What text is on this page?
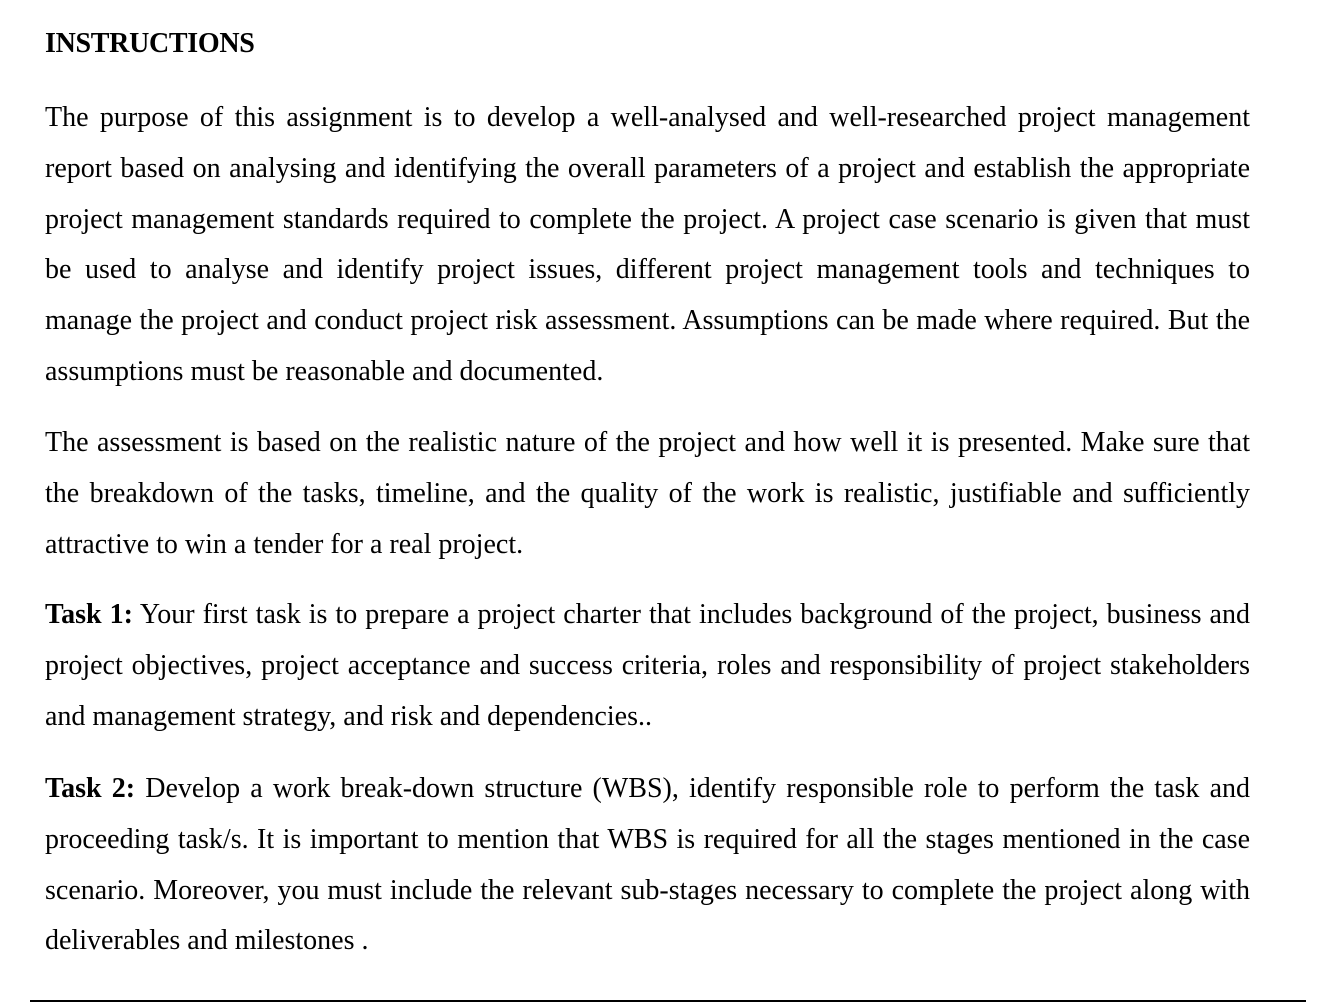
INSTRUCTIONS

The purpose of this assignment is to develop a well-analysed and well-researched project management report based on analysing and identifying the overall parameters of a project and establish the appropriate project management standards required to complete the project. A project case scenario is given that must be used to analyse and identify project issues, different project management tools and techniques to manage the project and conduct project risk assessment. Assumptions can be made where required. But the assumptions must be reasonable and documented.

The assessment is based on the realistic nature of the project and how well it is presented. Make sure that the breakdown of the tasks, timeline, and the quality of the work is realistic, justifiable and sufficiently attractive to win a tender for a real project.

Task 1: Your first task is to prepare a project charter that includes background of the project, business and project objectives, project acceptance and success criteria, roles and responsibility of project stakeholders and management strategy, and risk and dependencies..

Task 2: Develop a work break-down structure (WBS), identify responsible role to perform the task and proceeding task/s. It is important to mention that WBS is required for all the stages mentioned in the case scenario. Moreover, you must include the relevant sub-stages necessary to complete the project along with deliverables and milestones .
